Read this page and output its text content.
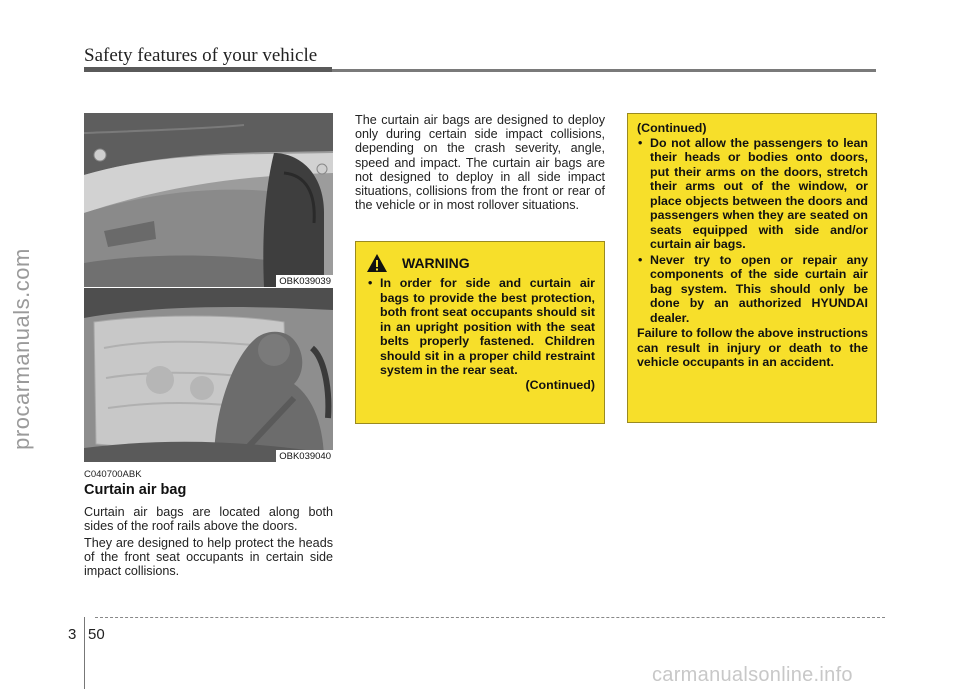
Safety features of your vehicle
procarmanuals.com	OBK039039
OBK039040
C040700ABK
Curtain air bag
Curtain air bags are located along both sides of the roof rails above the doors.
They are designed to help protect the heads of the front seat occupants in certain side impact collisions.
The curtain air bags are designed to deploy only during certain side impact collisions, depending on the crash severity, angle, speed and impact. The curtain air bags are not designed to deploy in all side impact situations, collisions from the front or rear of the vehicle or in most rollover situations.
WARNING
• In order for side and curtain air bags to provide the best protection, both front seat occupants should sit in an upright position with the seat belts properly fastened. Children should sit in a proper child restraint system in the rear seat.
(Continued)
(Continued)
• Do not allow the passengers to lean their heads or bodies onto doors, put their arms on the doors, stretch their arms out of the window, or place objects between the doors and passengers when they are seated on seats equipped with side and/or curtain air bags.
• Never try to open or repair any components of the side curtain air bag system. This should only be done by an authorized HYUNDAI dealer.
Failure to follow the above instructions can result in injury or death to the vehicle occupants in an accident.
3 50
carmanualsonline.info
